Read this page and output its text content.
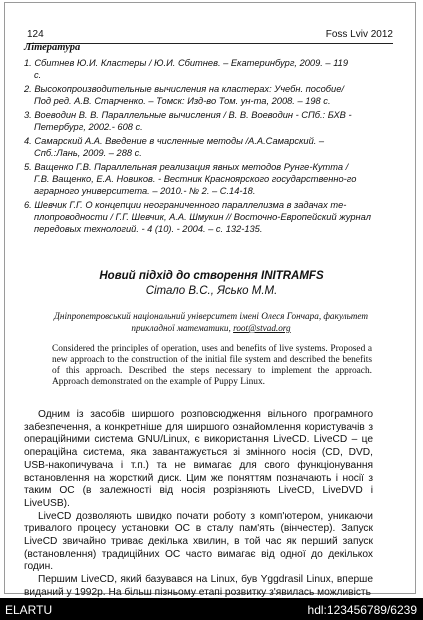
124	Foss Lviv 2012
Література
1. Сбитнев Ю.И. Кластеры / Ю.И. Сбитнев. – Екатеринбург, 2009. – 119
с.
2. Высокопроизводительные вычисления на кластерах: Учебн. пособие/
Под ред. А.В. Старченко. – Томск: Изд-во Том. ун-та, 2008. – 198 с.
3. Воеводин В. В. Параллельные вычисления / В. В. Воеводин - СПб.: БХВ -
Петербург, 2002.- 608 с.
4. Самарский А.А. Введение в численные методы /А.А.Самарский. –
Спб.:Лань, 2009. – 288 с.
5. Ващенко Г.В. Параллельная реализация явных методов Рунге-Кутта /
Г.В. Ващенко, Е.А. Новиков. - Вестник Красноярского государственно-го аграрного университета. – 2010.- № 2. – С.14-18.
6. Шевчик Г.Г. О концепции неограниченного параллелизма в задачах те-
плопроводности / Г.Г. Шевчик, А.А. Шмукин // Восточно-Европейский журнал передовых технологий. - 4 (10). - 2004. – с. 132-135.
Новий підхід до створення INITRAMFS
Сітало В.С., Ясько М.М.
Дніпропетровський національний університет імені Олеся Гончара, факультет прикладної математики, root@stvad.org
Considered the principles of operation, uses and benefits of live systems. Proposed a new approach to the construction of the initial file system and described the benefits of this approach. Described the steps necessary to implement the approach. Approach demonstrated on the example of Puppy Linux.

Одним із засобів ширшого розповсюдження вільного програмного забезпечення, а конкретніше для ширшого ознайомлення користувачів з операційними система GNU/Linux, є використання LiveCD. LiveCD – це операційна система, яка завантажується зі змінного носія (CD, DVD, USB-накопичувача і т.п.) та не вимагає для свого функціонування встановлення на жорсткий диск. Цим же поняттям позначають і носії з таким ОС (в залежності від носія розрізняють LiveCD, LiveDVD і LiveUSB).

LiveCD дозволяють швидко почати роботу з комп'ютером, уникаючи тривалого процесу установки ОС в сталу пам'ять (вінчестер). Запуск LiveCD звичайно триває декілька хвилин, в той час як перший запуск (встановлення) традиційних ОС часто вимагає від одної до декількох годин.

Першим LiveCD, який базувався на Linux, був Yggdrasil Linux, вперше виданий у 1992р. На більш пізньому етапі розвитку з'явилась можливість

ELARTU	hdl:123456789/6239
